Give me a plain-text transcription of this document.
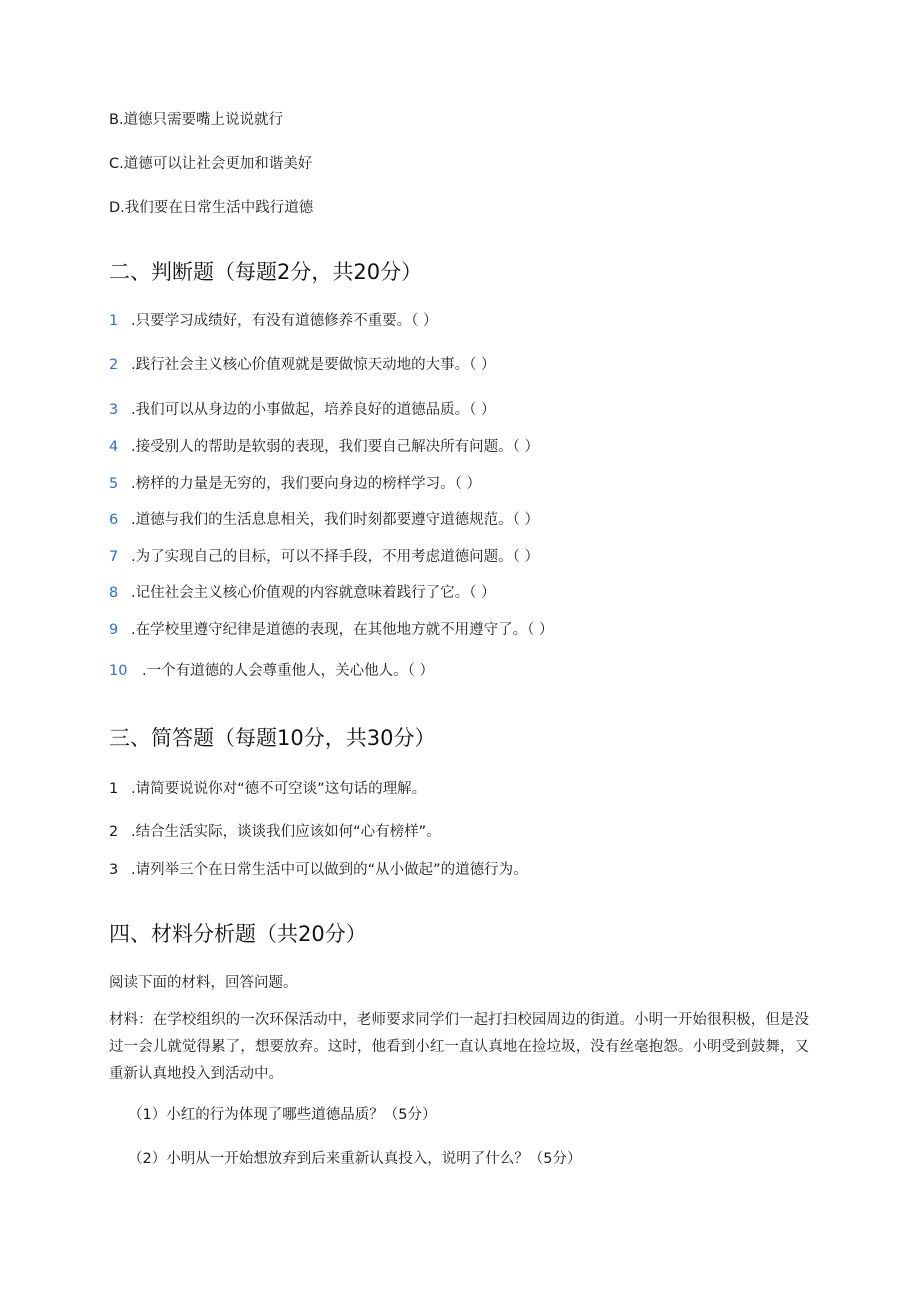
B.道德只需要嘴上说说就行
C.道德可以让社会更加和谐美好
D.我们要在日常生活中践行道德
二、判断题（每题2分，共20分）
1 .只要学习成绩好，有没有道德修养不重要。（ ）
2 .践行社会主义核心价值观就是要做惊天动地的大事。（ ）
3 .我们可以从身边的小事做起，培养良好的道德品质。（ ）
4 .接受别人的帮助是软弱的表现，我们要自己解决所有问题。（ ）
5 .榜样的力量是无穷的，我们要向身边的榜样学习。（ ）
6 .道德与我们的生活息息相关，我们时刻都要遵守道德规范。（ ）
7 .为了实现自己的目标，可以不择手段，不用考虑道德问题。（ ）
8 .记住社会主义核心价值观的内容就意味着践行了它。（ ）
9 .在学校里遵守纪律是道德的表现，在其他地方就不用遵守了。（ ）
10 .一个有道德的人会尊重他人，关心他人。（ ）
三、简答题（每题10分，共30分）
1 .请简要说说你对“德不可空谈”这句话的理解。
2 .结合生活实际，谈谈我们应该如何“心有榜样”。
3 .请列举三个在日常生活中可以做到的“从小做起”的道德行为。
四、材料分析题（共20分）
阅读下面的材料，回答问题。
材料：在学校组织的一次环保活动中，老师要求同学们一起打扫校园周边的街道。小明一开始很积极，但是没过一会儿就觉得累了，想要放弃。这时，他看到小红一直认真地在捡垃圾，没有丝毫抱怨。小明受到鼓舞，又重新认真地投入到活动中。
（1）小红的行为体现了哪些道德品质？（5分）
（2）小明从一开始想放弃到后来重新认真投入，说明了什么？（5分）
